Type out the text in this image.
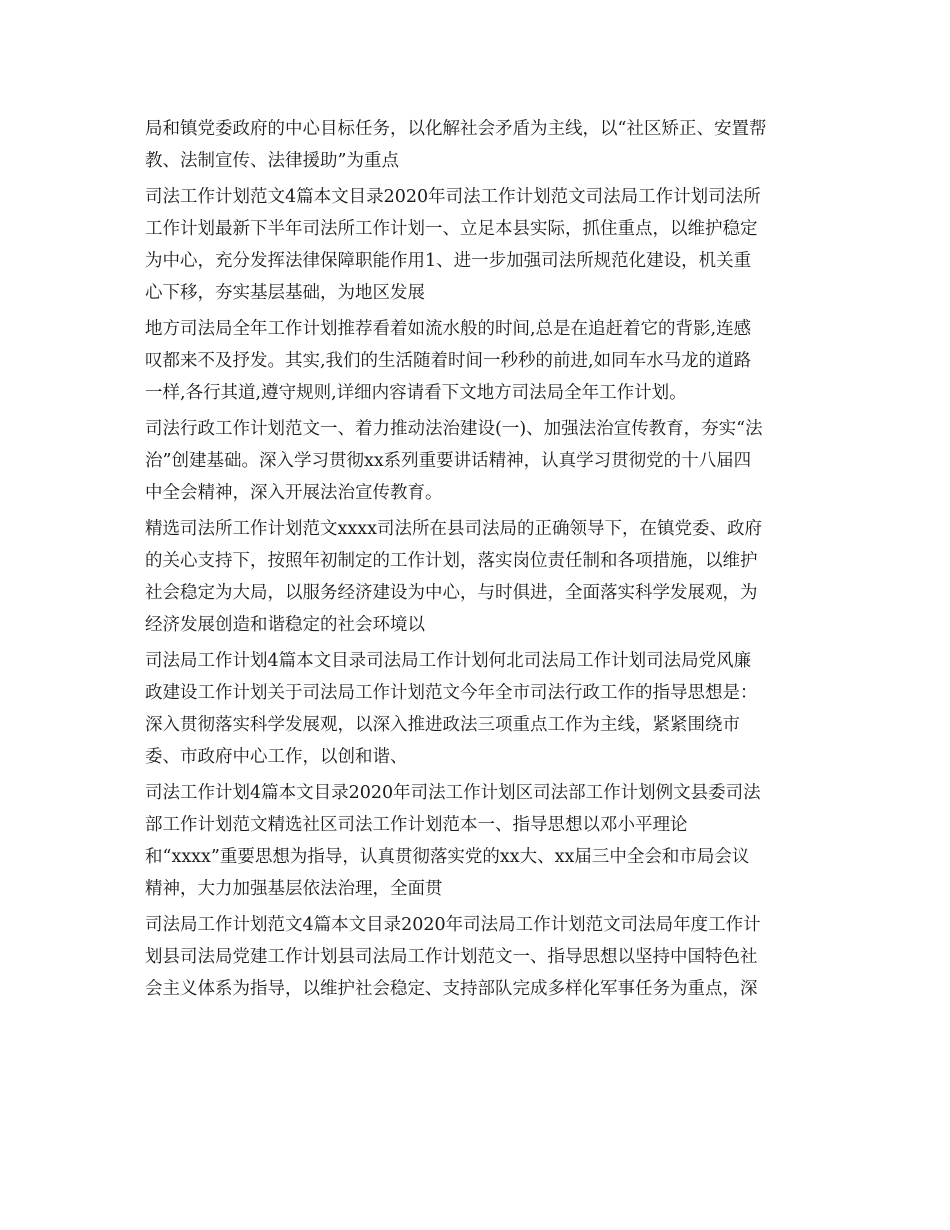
局和镇党委政府的中心目标任务，以化解社会矛盾为主线，以“社区矫正、安置帮
教、法制宣传、法律援助”为重点
司法工作计划范文4篇本文目录2020年司法工作计划范文司法局工作计划司法所
工作计划最新下半年司法所工作计划一、立足本县实际，抓住重点，以维护稳定
为中心，充分发挥法律保障职能作用1、进一步加强司法所规范化建设，机关重
心下移，夯实基层基础，为地区发展
地方司法局全年工作计划推荐看着如流水般的时间,总是在追赶着它的背影,连感
叹都来不及抒发。其实,我们的生活随着时间一秒秒的前进,如同车水马龙的道路
一样,各行其道,遵守规则,详细内容请看下文地方司法局全年工作计划。
司法行政工作计划范文一、着力推动法治建设(一)、加强法治宣传教育，夯实“法
治”创建基础。深入学习贯彻xx系列重要讲话精神，认真学习贯彻党的十八届四
中全会精神，深入开展法治宣传教育。
精选司法所工作计划范文xxxx司法所在县司法局的正确领导下，在镇党委、政府
的关心支持下，按照年初制定的工作计划，落实岗位责任制和各项措施，以维护
社会稳定为大局，以服务经济建设为中心，与时俱进，全面落实科学发展观，为
经济发展创造和谐稳定的社会环境以
司法局工作计划4篇本文目录司法局工作计划何北司法局工作计划司法局党风廉
政建设工作计划关于司法局工作计划范文今年全市司法行政工作的指导思想是：
深入贯彻落实科学发展观，以深入推进政法三项重点工作为主线，紧紧围绕市
委、市政府中心工作，以创和谐、
司法工作计划4篇本文目录2020年司法工作计划区司法部工作计划例文县委司法
部工作计划范文精选社区司法工作计划范本一、指导思想以邓小平理论
和“xxxx”重要思想为指导，认真贯彻落实党的xx大、xx届三中全会和市局会议
精神，大力加强基层依法治理，全面贯
司法局工作计划范文4篇本文目录2020年司法局工作计划范文司法局年度工作计
划县司法局党建工作计划县司法局工作计划范文一、指导思想以坚持中国特色社
会主义体系为指导，以维护社会稳定、支持部队完成多样化军事任务为重点，深
